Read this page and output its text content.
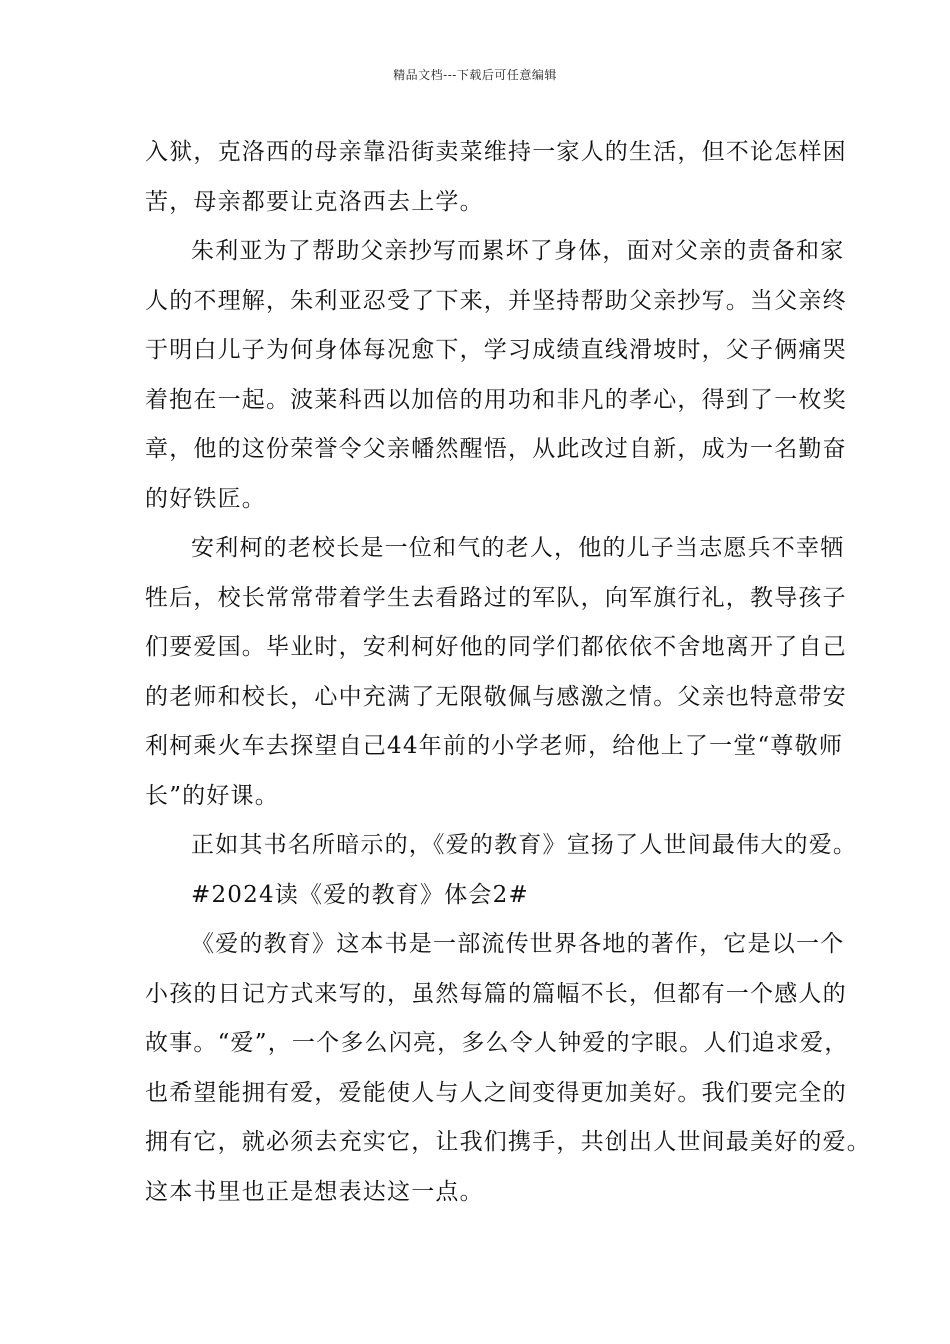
精品文档---下载后可任意编辑
入狱，克洛西的母亲靠沿街卖菜维持一家人的生活，但不论怎样困
苦，母亲都要让克洛西去上学。
朱利亚为了帮助父亲抄写而累坏了身体，面对父亲的责备和家
人的不理解，朱利亚忍受了下来，并坚持帮助父亲抄写。当父亲终
于明白儿子为何身体每况愈下，学习成绩直线滑坡时，父子俩痛哭
着抱在一起。波莱科西以加倍的用功和非凡的孝心，得到了一枚奖
章，他的这份荣誉令父亲幡然醒悟，从此改过自新，成为一名勤奋
的好铁匠。
安利柯的老校长是一位和气的老人，他的儿子当志愿兵不幸牺
牲后，校长常常带着学生去看路过的军队，向军旗行礼，教导孩子
们要爱国。毕业时，安利柯好他的同学们都依依不舍地离开了自己
的老师和校长，心中充满了无限敬佩与感激之情。父亲也特意带安
利柯乘火车去探望自己44年前的小学老师，给他上了一堂“尊敬师
长”的好课。
正如其书名所暗示的，《爱的教育》宣扬了人世间最伟大的爱。
#2024读《爱的教育》体会2#
《爱的教育》这本书是一部流传世界各地的著作，它是以一个
小孩的日记方式来写的，虽然每篇的篇幅不长，但都有一个感人的
故事。“爱”，一个多么闪亮，多么令人钟爱的字眼。人们追求爱，
也希望能拥有爱，爱能使人与人之间变得更加美好。我们要完全的
拥有它，就必须去充实它，让我们携手，共创出人世间最美好的爱。
这本书里也正是想表达这一点。
